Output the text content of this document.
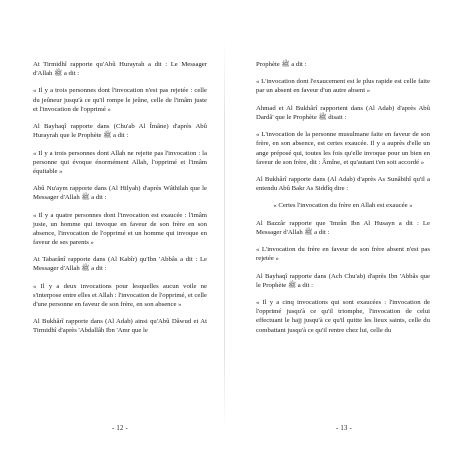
At Tirmidhî rapporte qu'Abû Hurayrah a dit : Le Messager d'Allah ﷺ a dit :

« Il y a trois personnes dont l'invocation n'est pas rejetée : celle du jeûneur jusqu'à ce qu'il rompe le jeûne, celle de l'imâm juste et l'invocation de l'opprimé »

Al Bayhaqî rapporte dans (Chu'ab Al Îmâne) d'après Abû Hurayrah que le Prophète ﷺ a dit :

« Il y a trois personnes dont Allah ne rejette pas l'invocation : la personne qui évoque énormément Allah, l'opprimé et l'imâm équitable »

Abû Nu'aym rapporte dans (Al Hilyah) d'après Wâthilah que le Messager d'Allah ﷺ a dit :

« Il y a quatre personnes dont l'invocation est exaucée : l'imâm juste, un homme qui invoque en faveur de son frère en son absence, l'invocation de l'opprimé et un homme qui invoque en faveur de ses parents »

At Tabarânî rapporte dans (Al Kabîr) qu'Ibn 'Abbâs a dit : Le Messager d'Allah ﷺ a dit :

« Il y a deux invocations pour lesquelles aucun voile ne s'interpose entre elles et Allah : l'invocation de l'opprimé, et celle d'une personne en faveur de son frère, en son absence »

Al Bukhârî rapporte dans (Al Adab) ainsi qu'Abû Dâwud et At Tirmidhî d'après 'Abdallâh Ibn 'Amr que le

Prophète ﷺ a dit :

« L'invocation dont l'exaucement est le plus rapide est celle faite par un absent en faveur d'un autre absent »

Ahmad et Al Bukhârî rapportent dans (Al Adab) d'après Abû Dardâ' que le Prophète ﷺ disait :

« L'invocation de la personne musulmane faite en faveur de son frère, en son absence, est certes exaucée. Il y a auprès d'elle un ange préposé qui, toutes les fois qu'elle invoque pour un bien en faveur de son frère, dit : Âmîne, et qu'autant t'en soit accordé »

Al Bukhârî rapporte dans (Al Adab) d'après As Sunâbihî qu'il a entendu Abû Bakr As Siddîq dire :

« Certes l'invocation du frère en Allah est exaucée »

Al Bazzâr rapporte que 'Imrân Ibn Al Husayn a dit : Le Messager d'Allah ﷺ a dit :

« L'invocation du frère en faveur de son frère absent n'est pas rejetée »

Al Bayhaqî rapporte dans (Ach Chu'ab) d'après Ibn 'Abbâs que le Prophète ﷺ a dit :

« Il y a cinq invocations qui sont exaucées : l'invocation de l'opprimé jusqu'à ce qu'il triomphe, l'invocation de celui effectuant le hajj jusqu'à ce qu'il quitte les lieux saints, celle du combattant jusqu'à ce qu'il rentre chez lui, celle du

- 12 -	- 13 -
